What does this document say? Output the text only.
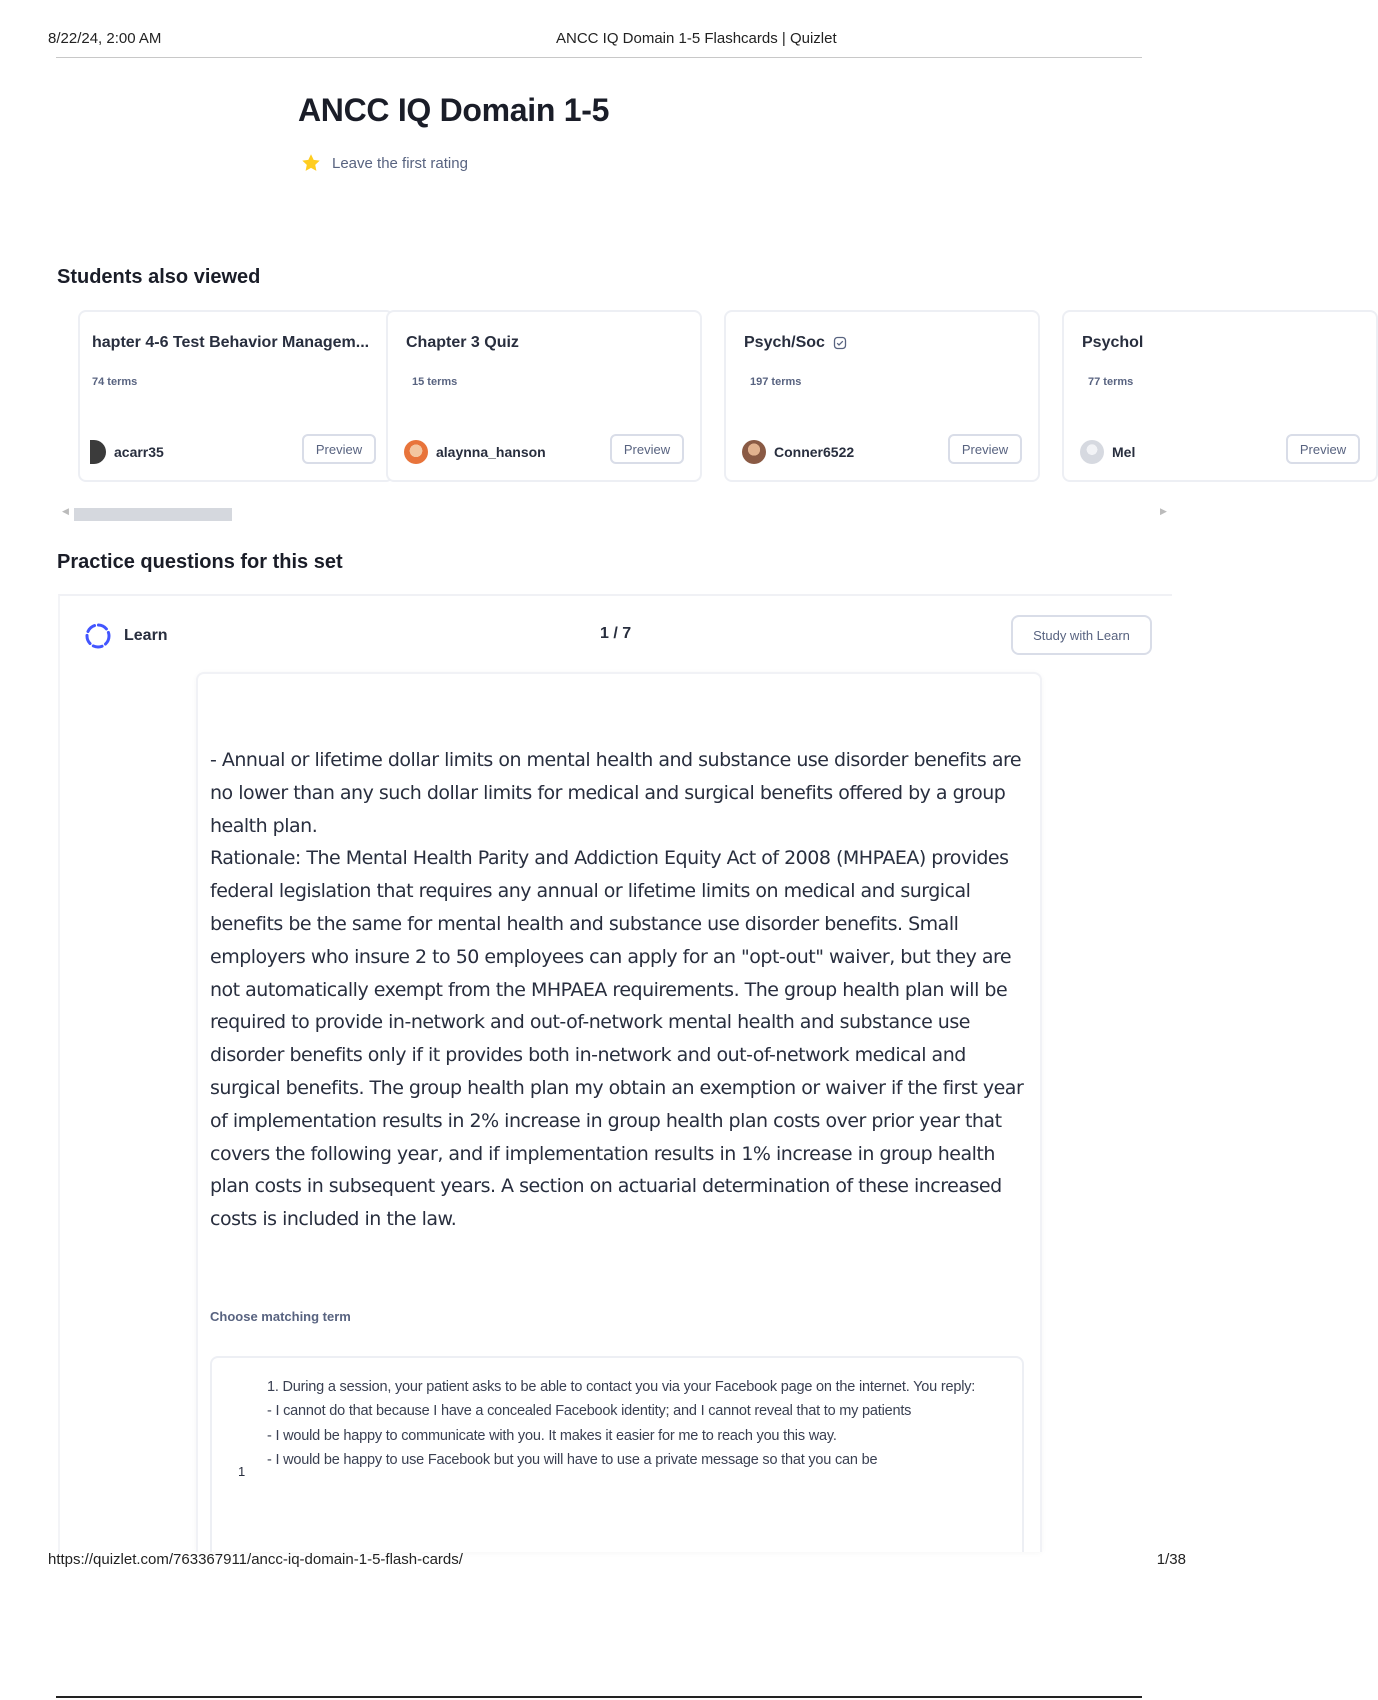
8/22/24, 2:00 AM	ANCC IQ Domain 1-5 Flashcards | Quizlet
ANCC IQ Domain 1-5
Leave the first rating
Students also viewed
hapter 4-6 Test Behavior Managem...
74 terms
acarr35	Preview
Chapter 3 Quiz
15 terms
alaynna_hanson	Preview
Psych/Soc
197 terms
Conner6522	Preview
Psychol
77 terms
Mel	Preview
◀	▶
Practice questions for this set
Learn	1 / 7	Study with Learn
- Annual or lifetime dollar limits on mental health and substance use disorder benefits are no lower than any such dollar limits for medical and surgical benefits offered by a group health plan.
Rationale: The Mental Health Parity and Addiction Equity Act of 2008 (MHPAEA) provides federal legislation that requires any annual or lifetime limits on medical and surgical benefits be the same for mental health and substance use disorder benefits. Small employers who insure 2 to 50 employees can apply for an "opt-out" waiver, but they are not automatically exempt from the MHPAEA requirements. The group health plan will be required to provide in-network and out-of-network mental health and substance use disorder benefits only if it provides both in-network and out-of-network medical and surgical benefits. The group health plan my obtain an exemption or waiver if the first year of implementation results in 2% increase in group health plan costs over prior year that covers the following year, and if implementation results in 1% increase in group health plan costs in subsequent years. A section on actuarial determination of these increased costs is included in the law.
Choose matching term
1
1. During a session, your patient asks to be able to contact you via your Facebook page on the internet. You reply:
- I cannot do that because I have a concealed Facebook identity; and I cannot reveal that to my patients
- I would be happy to communicate with you. It makes it easier for me to reach you this way.
- I would be happy to use Facebook but you will have to use a private message so that you can be
https://quizlet.com/763367911/ancc-iq-domain-1-5-flash-cards/	1/38
